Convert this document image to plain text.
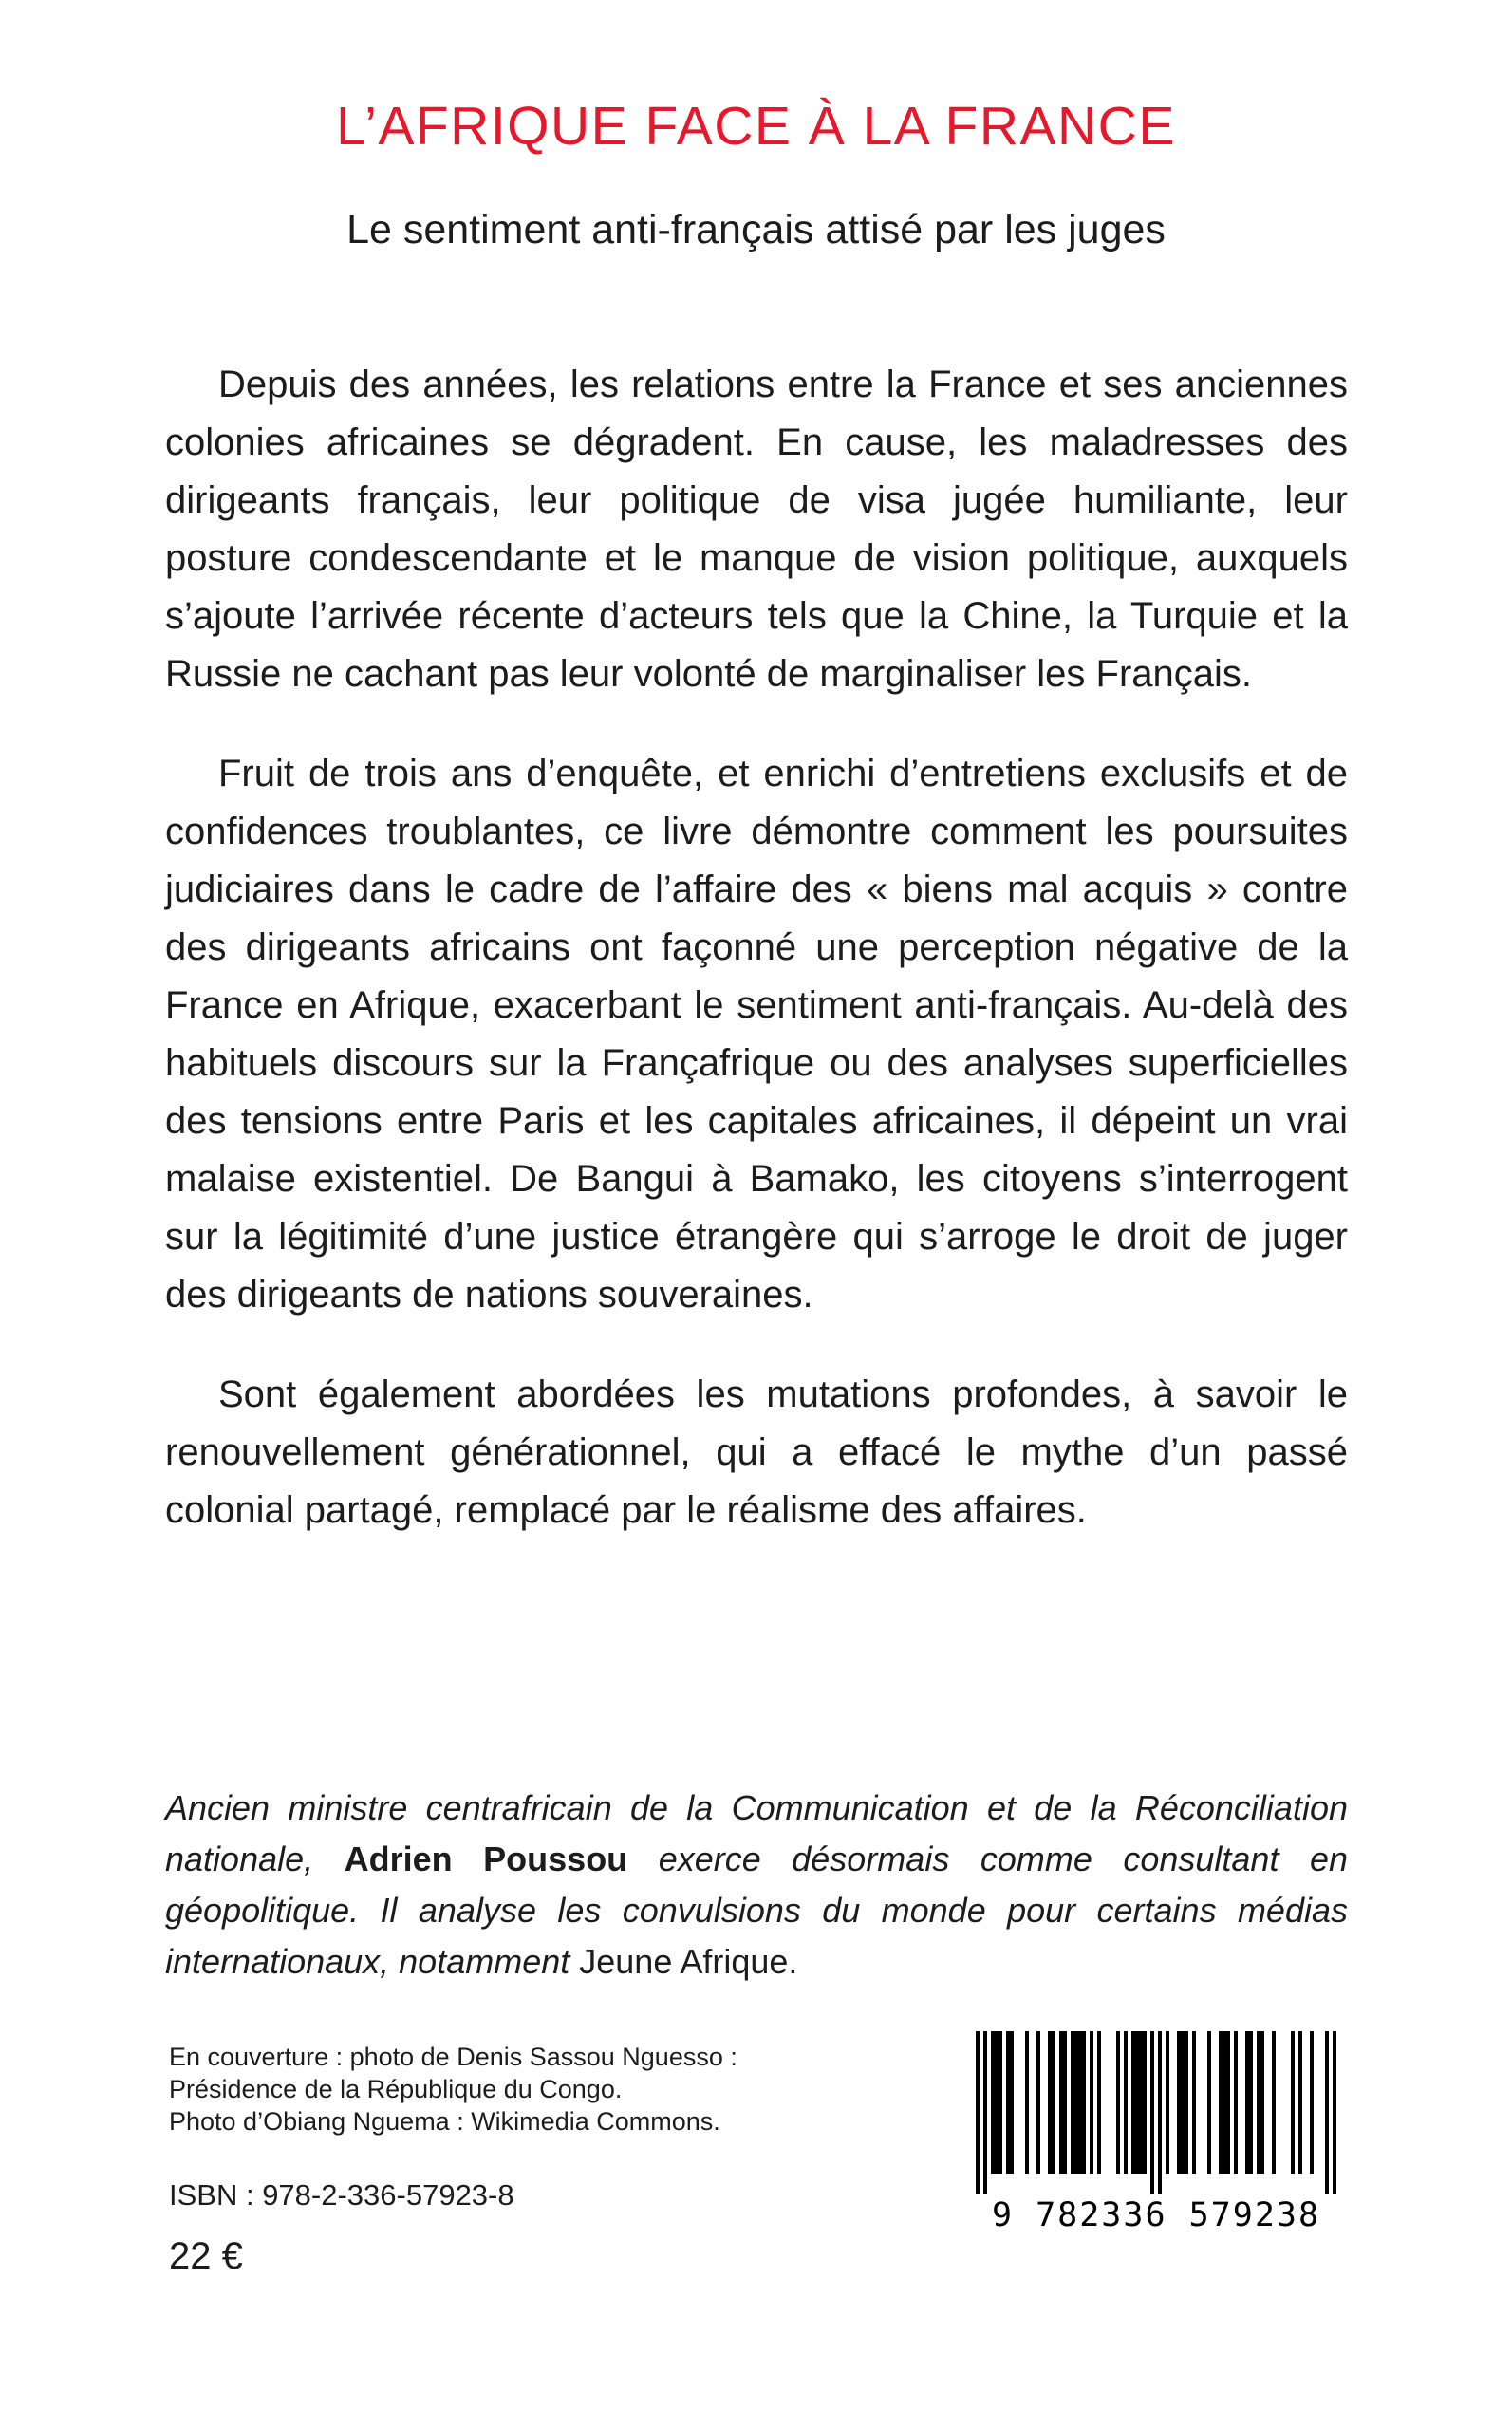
L’AFRIQUE FACE À LA FRANCE
Le sentiment anti-français attisé par les juges

Depuis des années, les relations entre la France et ses anciennes colonies africaines se dégradent. En cause, les maladresses des dirigeants français, leur politique de visa jugée humiliante, leur posture condescendante et le manque de vision politique, auxquels s’ajoute l’arrivée récente d’acteurs tels que la Chine, la Turquie et la Russie ne cachant pas leur volonté de marginaliser les Français.

Fruit de trois ans d’enquête, et enrichi d’entretiens exclusifs et de confidences troublantes, ce livre démontre comment les poursuites judiciaires dans le cadre de l’affaire des « biens mal acquis » contre des dirigeants africains ont façonné une perception négative de la France en Afrique, exacerbant le sentiment anti-français. Au-delà des habituels discours sur la Françafrique ou des analyses superficielles des tensions entre Paris et les capitales africaines, il dépeint un vrai malaise existentiel. De Bangui à Bamako, les citoyens s’interrogent sur la légitimité d’une justice étrangère qui s’arroge le droit de juger des dirigeants de nations souveraines.

Sont également abordées les mutations profondes, à savoir le renouvellement générationnel, qui a effacé le mythe d’un passé colonial partagé, remplacé par le réalisme des affaires.

Ancien ministre centrafricain de la Communication et de la Réconciliation nationale, Adrien Poussou exerce désormais comme consultant en géopolitique. Il analyse les convulsions du monde pour certains médias internationaux, notamment Jeune Afrique.
En couverture : photo de Denis Sassou Nguesso :
Présidence de la République du Congo.
Photo d’Obiang Nguema : Wikimedia Commons.
ISBN : 978-2-336-57923-8
22 €
9 782336 579238
